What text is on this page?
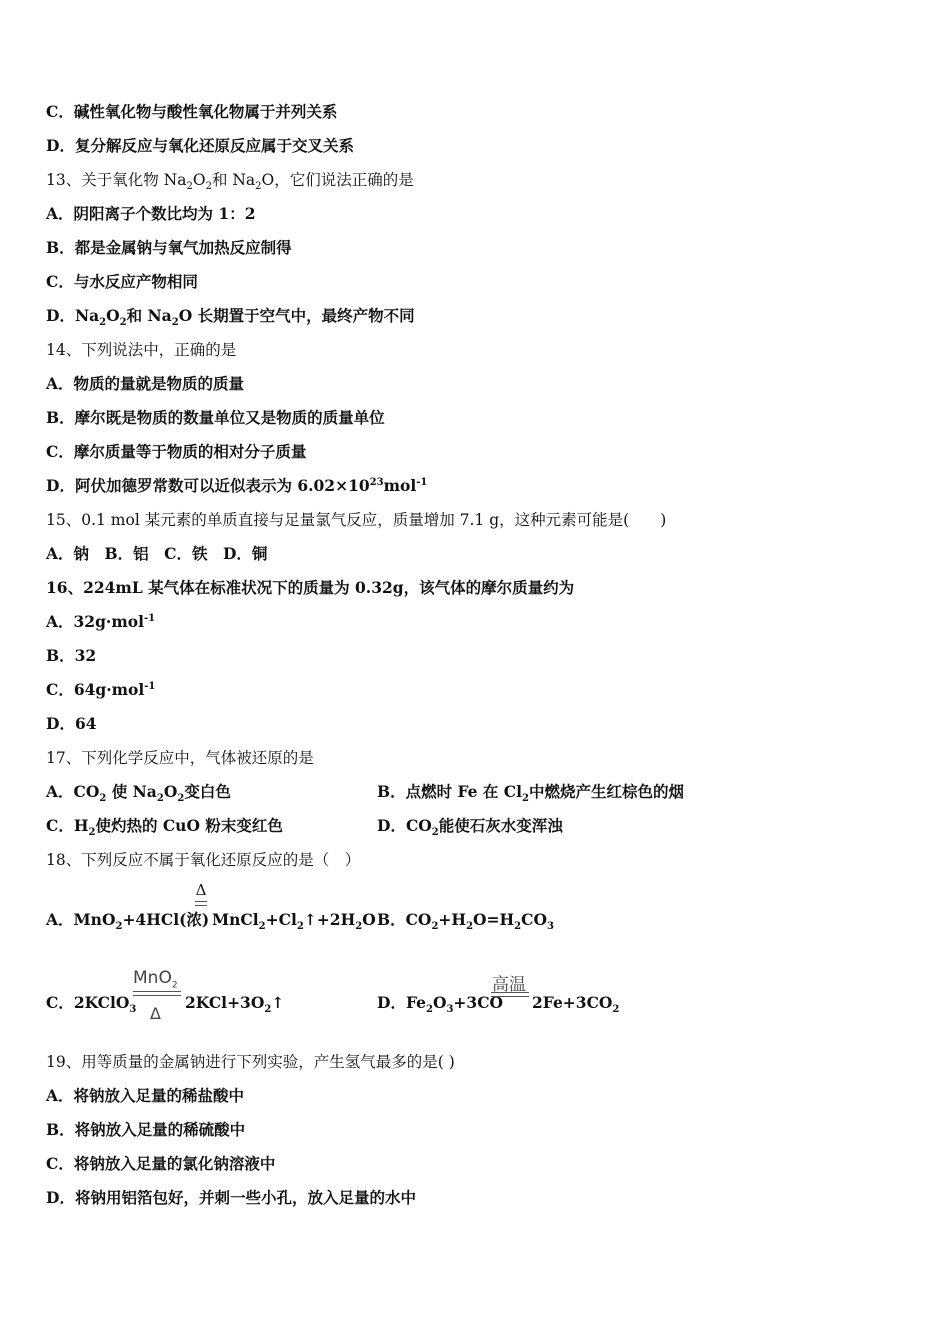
C．碱性氧化物与酸性氧化物属于并列关系
D．复分解反应与氧化还原反应属于交叉关系
13、关于氧化物 $Na_2O_2$和 $Na_2O$，它们说法正确的是
A．阴阳离子个数比均为 1：2
B．都是金属钠与氧气加热反应制得
C．与水反应产物相同
D．$Na_2O_2$和 $Na_2O$ 长期置于空气中，最终产物不同
14、下列说法中，正确的是
A．物质的量就是物质的质量
B．摩尔既是物质的数量单位又是物质的质量单位
C．摩尔质量等于物质的相对分子质量
D．阿伏加德罗常数可以近似表示为 $6.02\times 10^{23}mol^{-1}$
15、0.1 mol 某元素的单质直接与足量氯气反应，质量增加 7.1 g，这种元素可能是(　　)
A．钠　B．铝　C．铁　D．铜
16、224mL 某气体在标准状况下的质量为 0.32g，该气体的摩尔质量约为
A．32g·mol$^{-1}$
B．32
C．64g·mol$^{-1}$
D．64
17、下列化学反应中，气体被还原的是
A．$CO_2$ 使 $Na_2O_2$变白色	B．点燃时 Fe 在 $Cl_2$中燃烧产生红棕色的烟
C．$H_2$使灼热的 CuO 粉末变红色	D．$CO_2$能使石灰水变浑浊
18、下列反应不属于氧化还原反应的是（　）
A．MnO$_2$+4HCl(浓)
Δ
$MnCl_2+Cl_2↑+2H_2O$ B．$CO_2+H_2O=H_2CO_3$
C．2KClO$_3$
MnO$_2$
Δ
$2KCl+3O_2↑$	D．$Fe_2O_3+3CO$
高温
$2Fe+3CO_2$
19、用等质量的金属钠进行下列实验，产生氢气最多的是( )
A．将钠放入足量的稀盐酸中
B．将钠放入足量的稀硫酸中
C．将钠放入足量的氯化钠溶液中
D．将钠用铝箔包好，并刺一些小孔，放入足量的水中
